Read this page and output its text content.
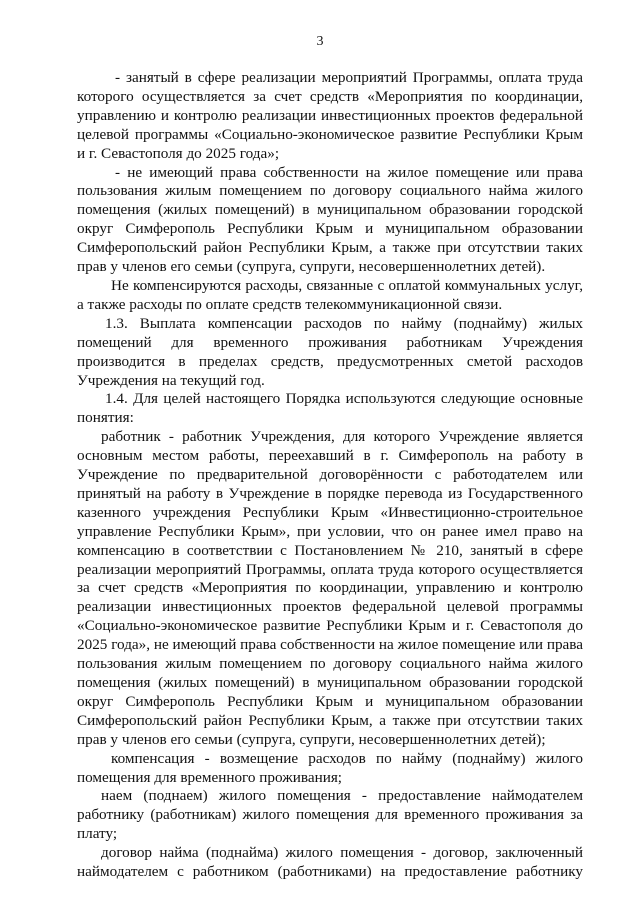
3

- занятый в сфере реализации мероприятий Программы, оплата труда которого осуществляется за счет средств «Мероприятия по координации, управлению и контролю реализации инвестиционных проектов федеральной целевой программы «Социально-экономическое развитие Республики Крым и г. Севастополя до 2025 года»;

- не имеющий права собственности на жилое помещение или права пользования жилым помещением по договору социального найма жилого помещения (жилых помещений) в муниципальном образовании городской округ Симферополь Республики Крым и муниципальном образовании Симферопольский район Республики Крым, а также при отсутствии таких прав у членов его семьи (супруга, супруги, несовершеннолетних детей).

Не компенсируются расходы, связанные с оплатой коммунальных услуг, а также расходы по оплате средств телекоммуникационной связи.

1.3. Выплата компенсации расходов по найму (поднайму) жилых помещений для временного проживания работникам Учреждения производится в пределах средств, предусмотренных сметой расходов Учреждения на текущий год.

1.4. Для целей настоящего Порядка используются следующие основные понятия:

работник - работник Учреждения, для которого Учреждение является основным местом работы, переехавший в г. Симферополь на работу в Учреждение по предварительной договорённости с работодателем или принятый на работу в Учреждение в порядке перевода из Государственного казенного учреждения Республики Крым «Инвестиционно-строительное управление Республики Крым», при условии, что он ранее имел право на компенсацию в соответствии с Постановлением № 210, занятый в сфере реализации мероприятий Программы, оплата труда которого осуществляется за счет средств «Мероприятия по координации, управлению и контролю реализации инвестиционных проектов федеральной целевой программы «Социально-экономическое развитие Республики Крым и г. Севастополя до 2025 года», не имеющий права собственности на жилое помещение или права пользования жилым помещением по договору социального найма жилого помещения (жилых помещений) в муниципальном образовании городской округ Симферополь Республики Крым и муниципальном образовании Симферопольский район Республики Крым, а также при отсутствии таких прав у членов его семьи (супруга, супруги, несовершеннолетних детей);

компенсация - возмещение расходов по найму (поднайму) жилого помещения для временного проживания;

наем (поднаем) жилого помещения - предоставление наймодателем работнику (работникам) жилого помещения для временного проживания за плату;

договор найма (поднайма) жилого помещения - договор, заключенный наймодателем с работником (работниками) на предоставление работнику
